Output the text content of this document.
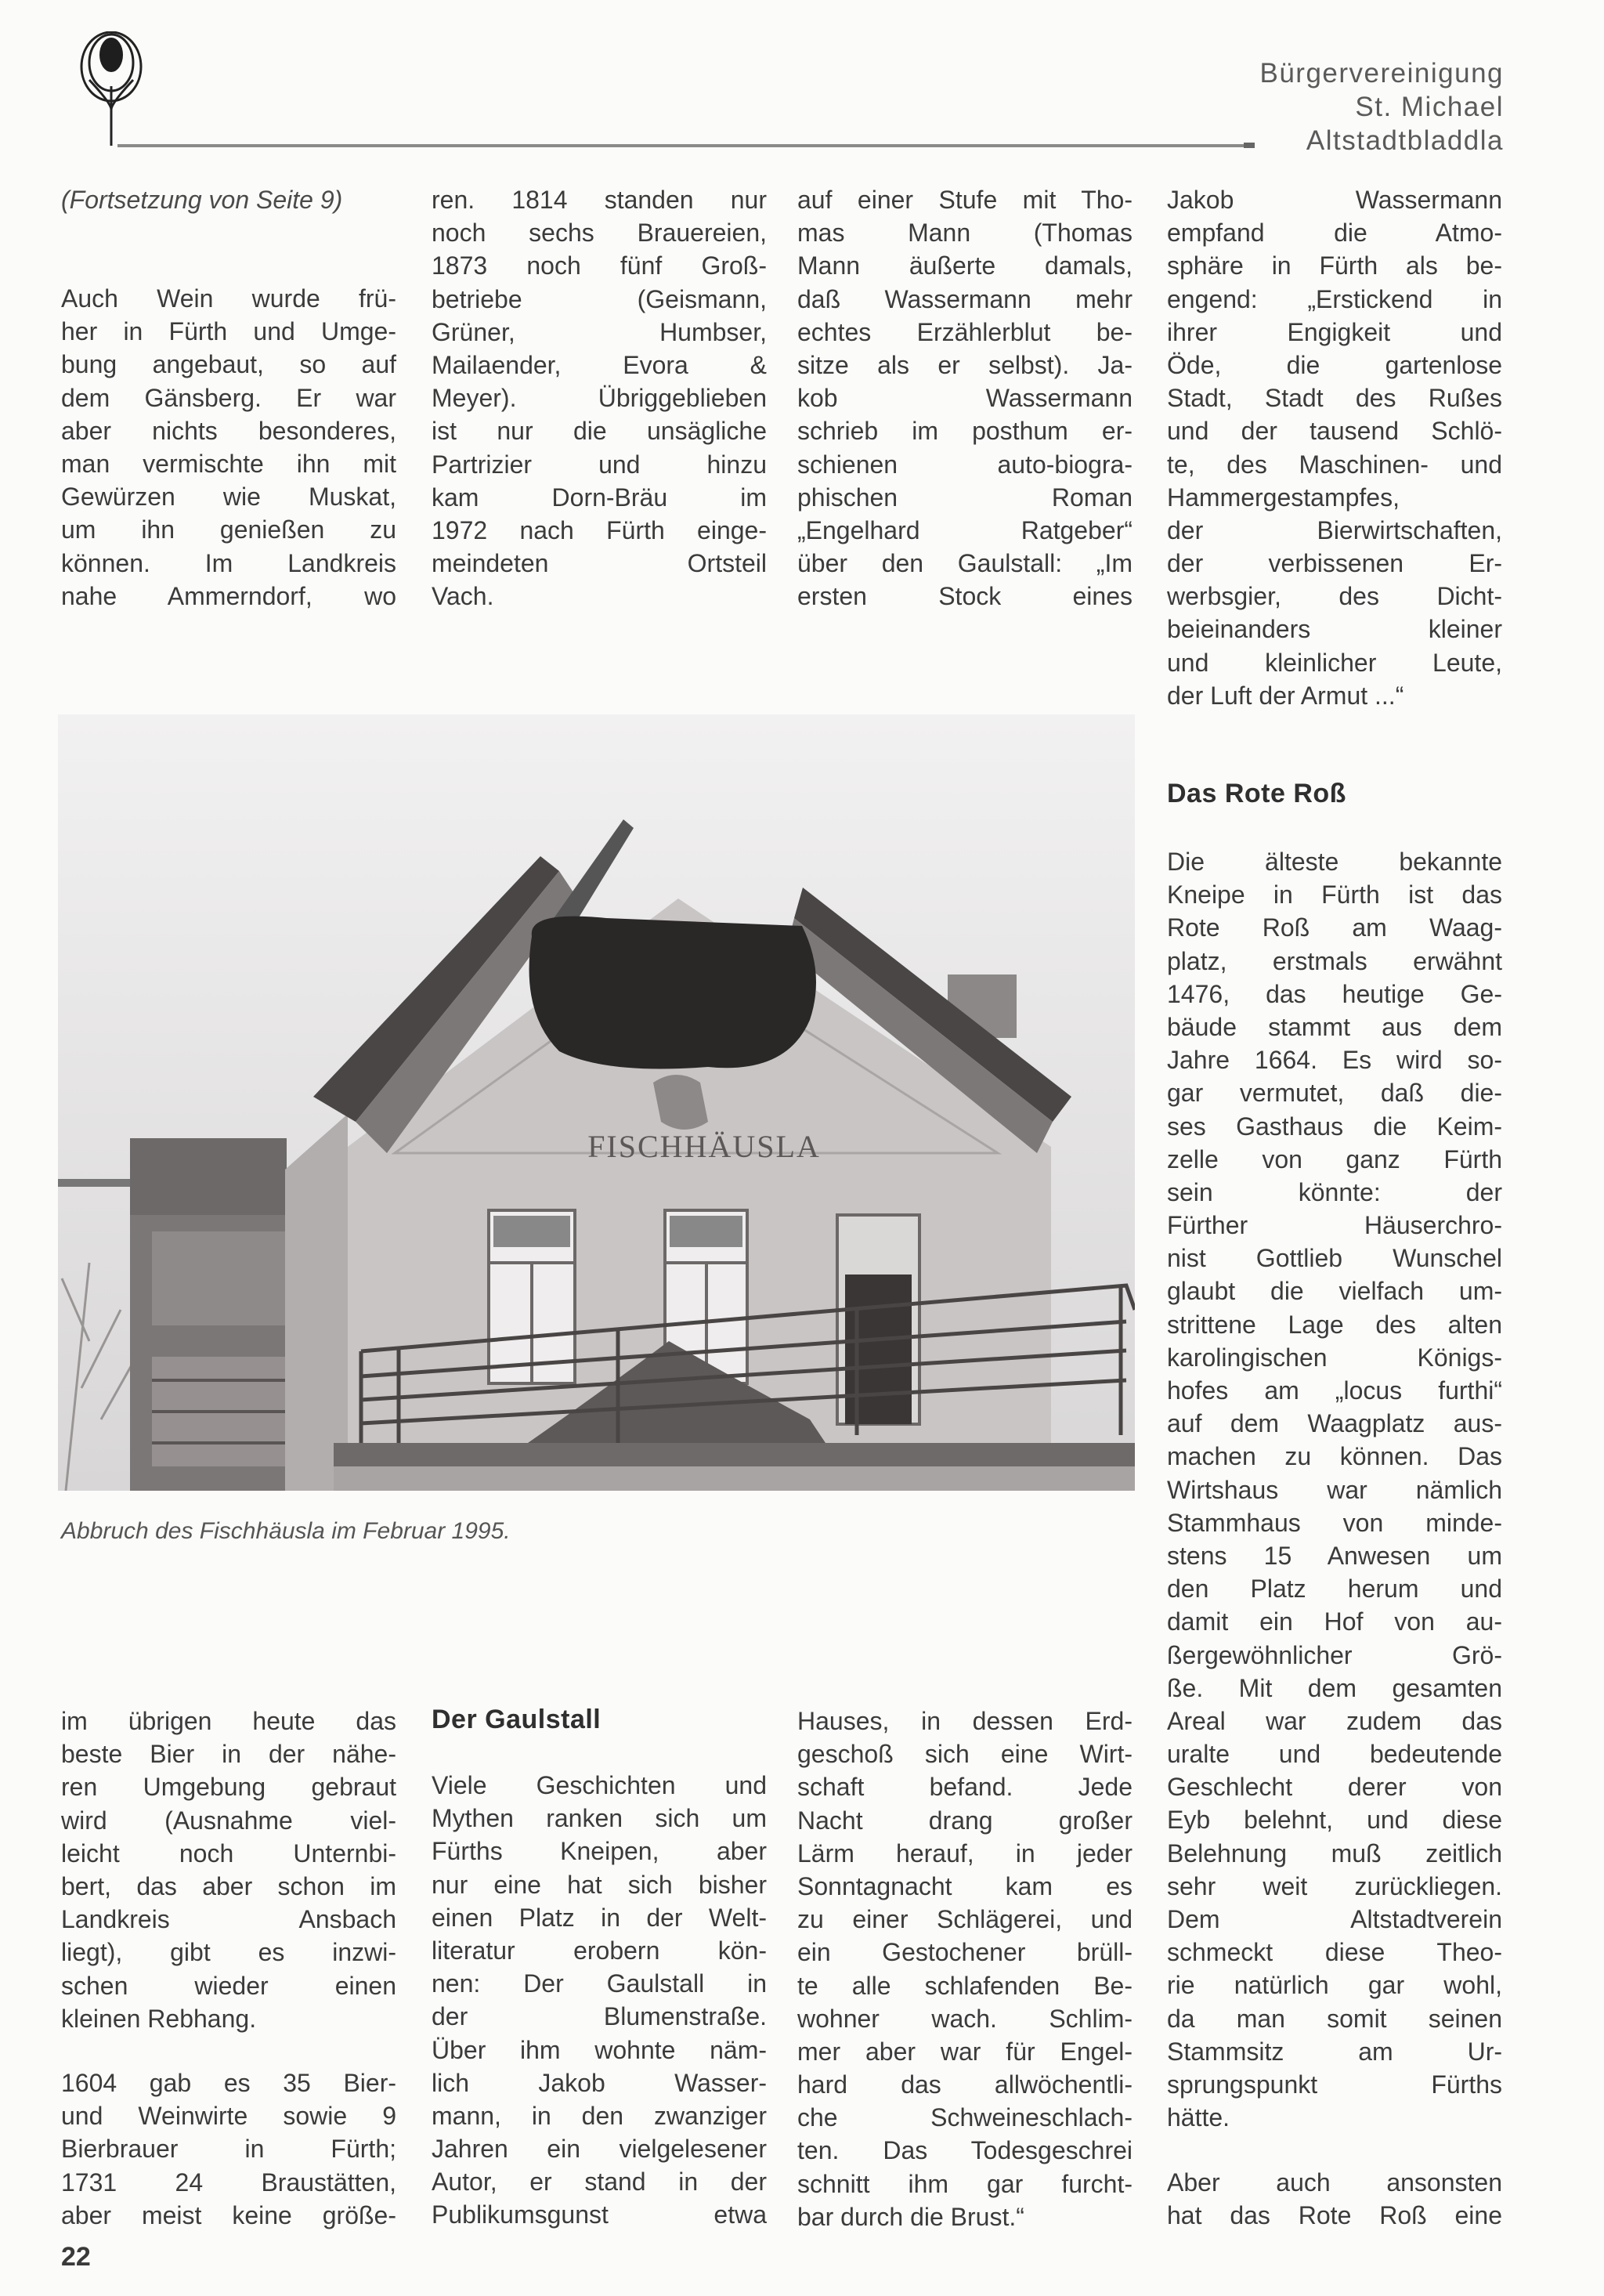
Bürgervereinigung
St. Michael
Altstadtbladdla
(Fortsetzung von Seite 9)
Auch Wein wurde frü-
her in Fürth und Umge-
bung angebaut, so auf
dem Gänsberg. Er war
aber nichts besonderes,
man vermischte ihn mit
Gewürzen wie Muskat,
um ihn genießen zu
können. Im Landkreis
nahe Ammerndorf, wo
ren. 1814 standen nur
noch sechs Brauereien,
1873 noch fünf Groß-
betriebe (Geismann,
Grüner, Humbser,
Mailaender, Evora &
Meyer). Übriggeblieben
ist nur die unsägliche
Partrizier und hinzu
kam Dorn-Bräu im
1972 nach Fürth einge-
meindeten Ortsteil
Vach.
auf einer Stufe mit Tho-
mas Mann (Thomas
Mann äußerte damals,
daß Wassermann mehr
echtes Erzählerblut be-
sitze als er selbst). Ja-
kob Wassermann
schrieb im posthum er-
schienen auto-biogra-
phischen Roman
„Engelhard Ratgeber“
über den Gaulstall: „Im
ersten Stock eines
Jakob Wassermann
empfand die Atmo-
sphäre in Fürth als be-
engend: „Erstickend in
ihrer Engigkeit und
Öde, die gartenlose
Stadt, Stadt des Rußes
und der tausend Schlö-
te, des Maschinen- und
Hammergestampfes,
der Bierwirtschaften,
der verbissenen Er-
werbsgier, des Dicht-
beieinanders kleiner
und kleinlicher Leute,
der Luft der Armut ...“
Das Rote Roß
Die älteste bekannte
Kneipe in Fürth ist das
Rote Roß am Waag-
platz, erstmals erwähnt
1476, das heutige Ge-
bäude stammt aus dem
Jahre 1664. Es wird so-
gar vermutet, daß die-
ses Gasthaus die Keim-
zelle von ganz Fürth
sein könnte: der
Fürther Häuserchro-
nist Gottlieb Wunschel
glaubt die vielfach um-
strittene Lage des alten
karolingischen Königs-
hofes am „locus furthi“
auf dem Waagplatz aus-
machen zu können. Das
Wirtshaus war nämlich
Stammhaus von minde-
stens 15 Anwesen um
den Platz herum und
damit ein Hof von au-
ßergewöhnlicher Grö-
ße. Mit dem gesamten
Areal war zudem das
uralte und bedeutende
Geschlecht derer von
Eyb belehnt, und diese
Belehnung muß zeitlich
sehr weit zurückliegen.
Dem Altstadtverein
schmeckt diese Theo-
rie natürlich gar wohl,
da man somit seinen
Stammsitz am Ur-
sprungspunkt Fürths
hätte.
Aber auch ansonsten
hat das Rote Roß eine
FISCHHÄUSLA
Abbruch des Fischhäusla im Februar 1995.
im übrigen heute das
beste Bier in der nähe-
ren Umgebung gebraut
wird (Ausnahme viel-
leicht noch Unternbi-
bert, das aber schon im
Landkreis Ansbach
liegt), gibt es inzwi-
schen wieder einen
kleinen Rebhang.
1604 gab es 35 Bier-
und Weinwirte sowie 9
Bierbrauer in Fürth;
1731 24 Braustätten,
aber meist keine größe-
Der Gaulstall
Viele Geschichten und
Mythen ranken sich um
Fürths Kneipen, aber
nur eine hat sich bisher
einen Platz in der Welt-
literatur erobern kön-
nen: Der Gaulstall in
der Blumenstraße.
Über ihm wohnte näm-
lich Jakob Wasser-
mann, in den zwanziger
Jahren ein vielgelesener
Autor, er stand in der
Publikumsgunst etwa
Hauses, in dessen Erd-
geschoß sich eine Wirt-
schaft befand. Jede
Nacht drang großer
Lärm herauf, in jeder
Sonntagnacht kam es
zu einer Schlägerei, und
ein Gestochener brüll-
te alle schlafenden Be-
wohner wach. Schlim-
mer aber war für Engel-
hard das allwöchentli-
che Schweineschlach-
ten. Das Todesgeschrei
schnitt ihm gar furcht-
bar durch die Brust.“
22
